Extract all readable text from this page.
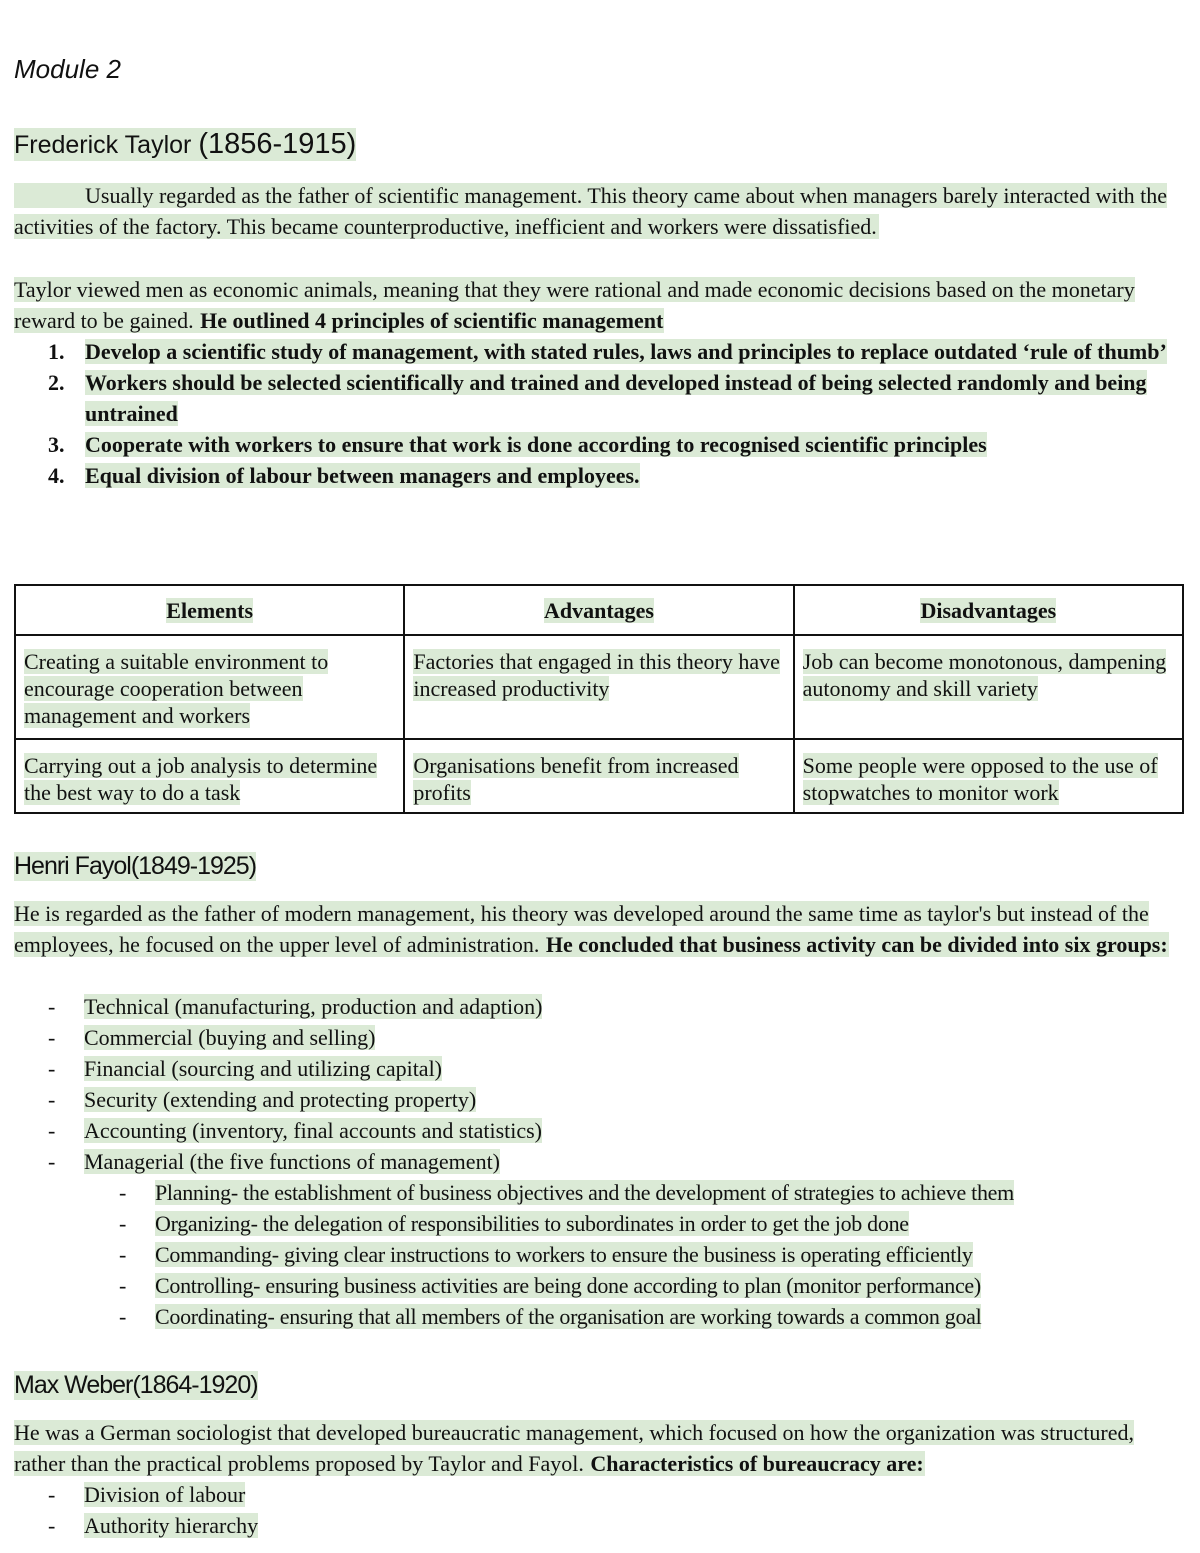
Module 2
Frederick Taylor (1856-1915)

Usually regarded as the father of scientific management. This theory came about when managers barely interacted with the activities of the factory. This became counterproductive, inefficient and workers were dissatisfied.

Taylor viewed men as economic animals, meaning that they were rational and made economic decisions based on the monetary reward to be gained. He outlined 4 principles of scientific management

1. Develop a scientific study of management, with stated rules, laws and principles to replace outdated ‘rule of thumb’
2. Workers should be selected scientifically and trained and developed instead of being selected randomly and being untrained
3. Cooperate with workers to ensure that work is done according to recognised scientific principles
4. Equal division of labour between managers and employees.
Elements	Advantages	Disadvantages
Creating a suitable environment to encourage cooperation between management and workers	Factories that engaged in this theory have increased productivity	Job can become monotonous, dampening autonomy and skill variety
Carrying out a job analysis to determine the best way to do a task	Organisations benefit from increased profits	Some people were opposed to the use of stopwatches to monitor work
Henri Fayol(1849-1925)

He is regarded as the father of modern management, his theory was developed around the same time as taylor's but instead of the employees, he focused on the upper level of administration. He concluded that business activity can be divided into six groups:

- Technical (manufacturing, production and adaption)
- Commercial (buying and selling)
- Financial (sourcing and utilizing capital)
- Security (extending and protecting property)
- Accounting (inventory, final accounts and statistics)
- Managerial (the five functions of management)
- Planning- the establishment of business objectives and the development of strategies to achieve them
- Organizing- the delegation of responsibilities to subordinates in order to get the job done
- Commanding- giving clear instructions to workers to ensure the business is operating efficiently
- Controlling- ensuring business activities are being done according to plan (monitor performance)
- Coordinating- ensuring that all members of the organisation are working towards a common goal
Max Weber(1864-1920)

He was a German sociologist that developed bureaucratic management, which focused on how the organization was structured, rather than the practical problems proposed by Taylor and Fayol. Characteristics of bureaucracy are:

- Division of labour
- Authority hierarchy
